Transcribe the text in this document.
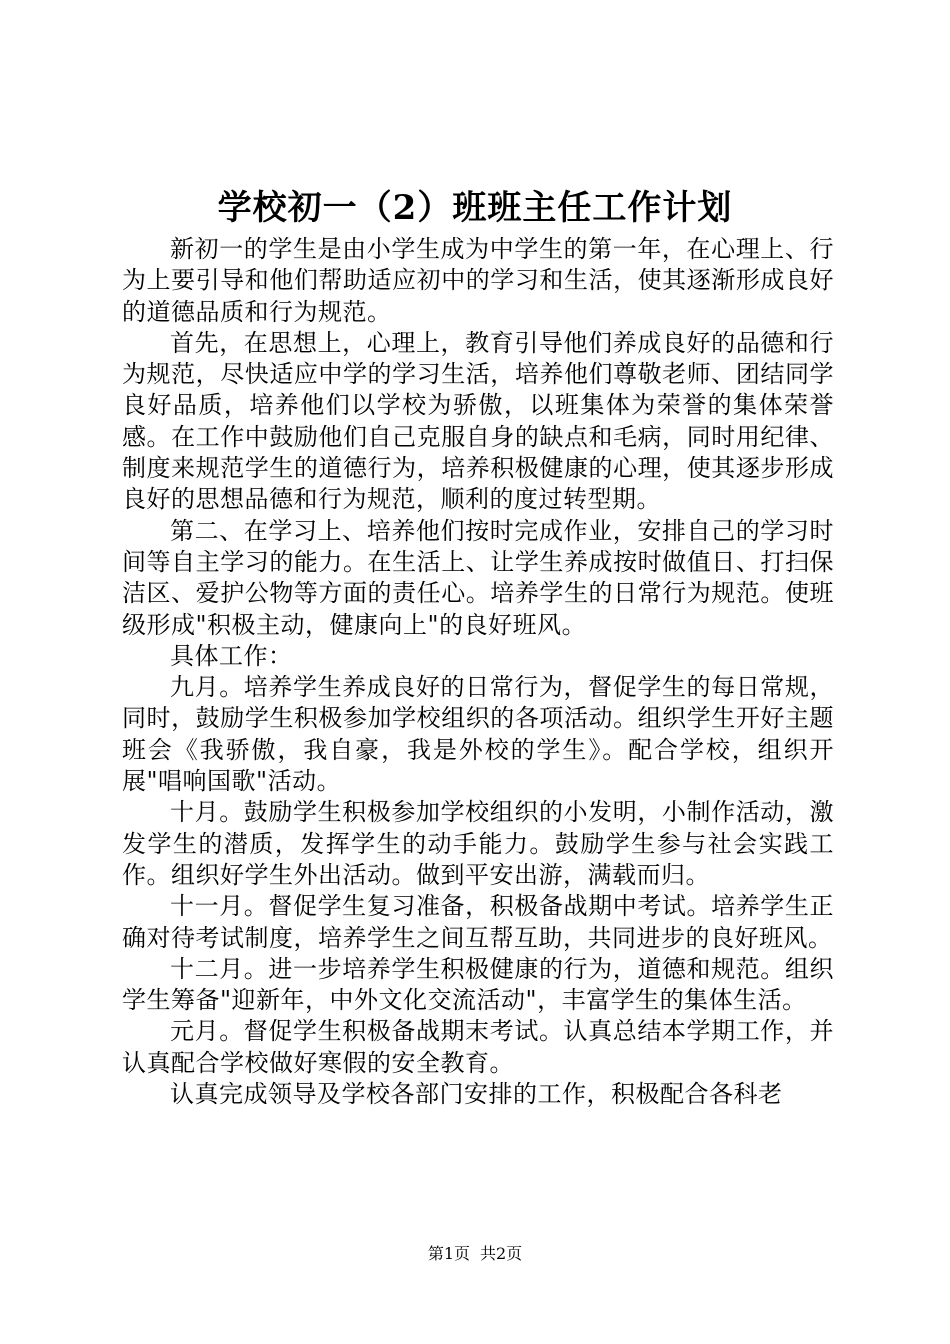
学校初一（2）班班主任工作计划

新初一的学生是由小学生成为中学生的第一年，在心理上、行为上要引导和他们帮助适应初中的学习和生活，使其逐渐形成良好的道德品质和行为规范。

首先，在思想上，心理上，教育引导他们养成良好的品德和行为规范，尽快适应中学的学习生活，培养他们尊敬老师、团结同学良好品质，培养他们以学校为骄傲，以班集体为荣誉的集体荣誉感。在工作中鼓励他们自己克服自身的缺点和毛病，同时用纪律、制度来规范学生的道德行为，培养积极健康的心理，使其逐步形成良好的思想品德和行为规范，顺利的度过转型期。

第二、在学习上、培养他们按时完成作业，安排自己的学习时间等自主学习的能力。在生活上、让学生养成按时做值日、打扫保洁区、爱护公物等方面的责任心。培养学生的日常行为规范。使班级形成"积极主动，健康向上"的良好班风。

具体工作：

九月。培养学生养成良好的日常行为，督促学生的每日常规，同时，鼓励学生积极参加学校组织的各项活动。组织学生开好主题班会《我骄傲，我自豪，我是外校的学生》。配合学校，组织开展"唱响国歌"活动。

十月。鼓励学生积极参加学校组织的小发明，小制作活动，激发学生的潜质，发挥学生的动手能力。鼓励学生参与社会实践工作。组织好学生外出活动。做到平安出游，满载而归。

十一月。督促学生复习准备，积极备战期中考试。培养学生正确对待考试制度，培养学生之间互帮互助，共同进步的良好班风。

十二月。进一步培养学生积极健康的行为，道德和规范。组织学生筹备"迎新年，中外文化交流活动"，丰富学生的集体生活。

元月。督促学生积极备战期末考试。认真总结本学期工作，并认真配合学校做好寒假的安全教育。

认真完成领导及学校各部门安排的工作，积极配合各科老

第1页 共2页
